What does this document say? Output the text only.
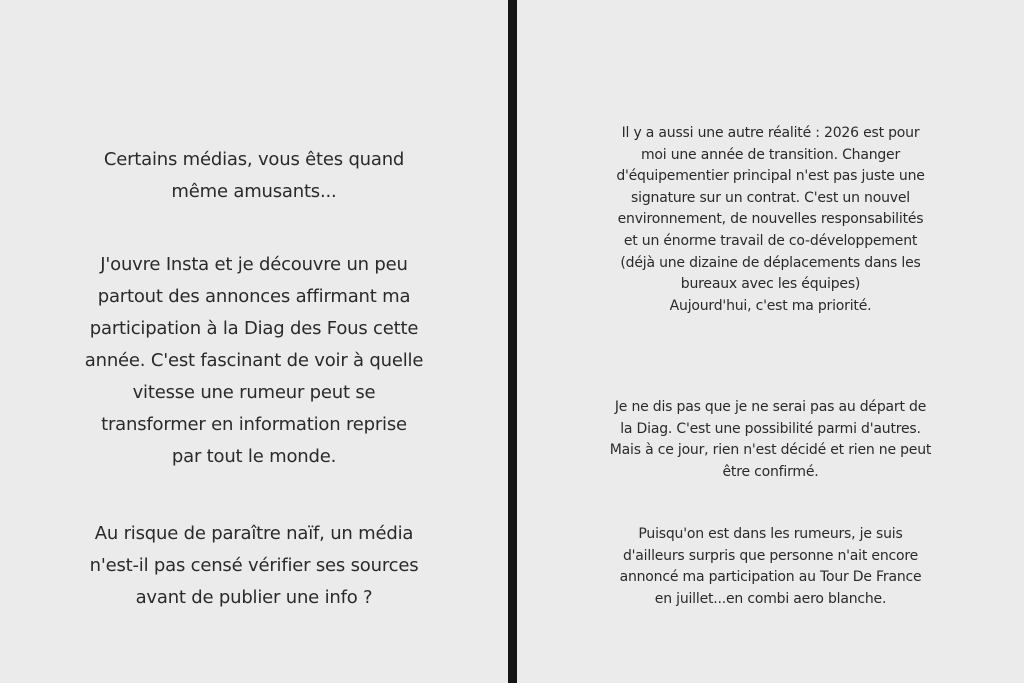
Certains médias, vous êtes quand
même amusants...

J'ouvre Insta et je découvre un peu
partout des annonces affirmant ma
participation à la Diag des Fous cette
année. C'est fascinant de voir à quelle
vitesse une rumeur peut se
transformer en information reprise
par tout le monde.

Au risque de paraître naïf, un média
n'est-il pas censé vérifier ses sources
avant de publier une info ?

Il y a aussi une autre réalité : 2026 est pour
moi une année de transition. Changer
d'équipementier principal n'est pas juste une
signature sur un contrat. C'est un nouvel
environnement, de nouvelles responsabilités
et un énorme travail de co-développement
(déjà une dizaine de déplacements dans les
bureaux avec les équipes)
Aujourd'hui, c'est ma priorité.

Je ne dis pas que je ne serai pas au départ de
la Diag. C'est une possibilité parmi d'autres.
Mais à ce jour, rien n'est décidé et rien ne peut
être confirmé.

Puisqu'on est dans les rumeurs, je suis
d'ailleurs surpris que personne n'ait encore
annoncé ma participation au Tour De France
en juillet...en combi aero blanche.
